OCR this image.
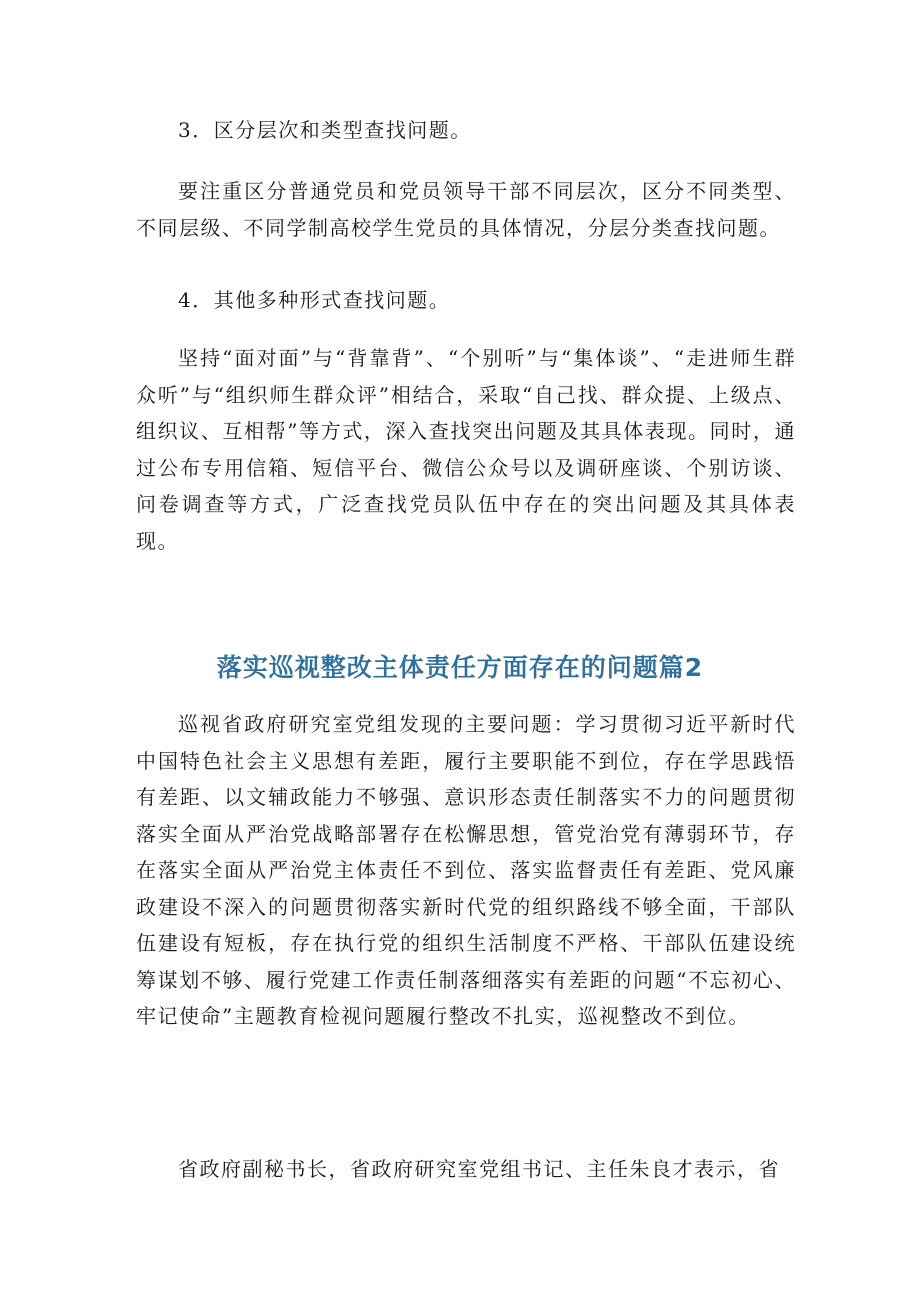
3．区分层次和类型查找问题。

要注重区分普通党员和党员领导干部不同层次，区分不同类型、不同层级、不同学制高校学生党员的具体情况，分层分类查找问题。

4．其他多种形式查找问题。

坚持“面对面”与“背靠背”、“个别听”与“集体谈”、“走进师生群众听”与“组织师生群众评”相结合，采取“自己找、群众提、上级点、组织议、互相帮”等方式，深入查找突出问题及其具体表现。同时，通过公布专用信箱、短信平台、微信公众号以及调研座谈、个别访谈、问卷调查等方式，广泛查找党员队伍中存在的突出问题及其具体表现。

落实巡视整改主体责任方面存在的问题篇2

巡视省政府研究室党组发现的主要问题：学习贯彻习近平新时代中国特色社会主义思想有差距，履行主要职能不到位，存在学思践悟有差距、以文辅政能力不够强、意识形态责任制落实不力的问题贯彻落实全面从严治党战略部署存在松懈思想，管党治党有薄弱环节，存在落实全面从严治党主体责任不到位、落实监督责任有差距、党风廉政建设不深入的问题贯彻落实新时代党的组织路线不够全面，干部队伍建设有短板，存在执行党的组织生活制度不严格、干部队伍建设统筹谋划不够、履行党建工作责任制落细落实有差距的问题“不忘初心、牢记使命”主题教育检视问题履行整改不扎实，巡视整改不到位。

省政府副秘书长，省政府研究室党组书记、主任朱良才表示，省
